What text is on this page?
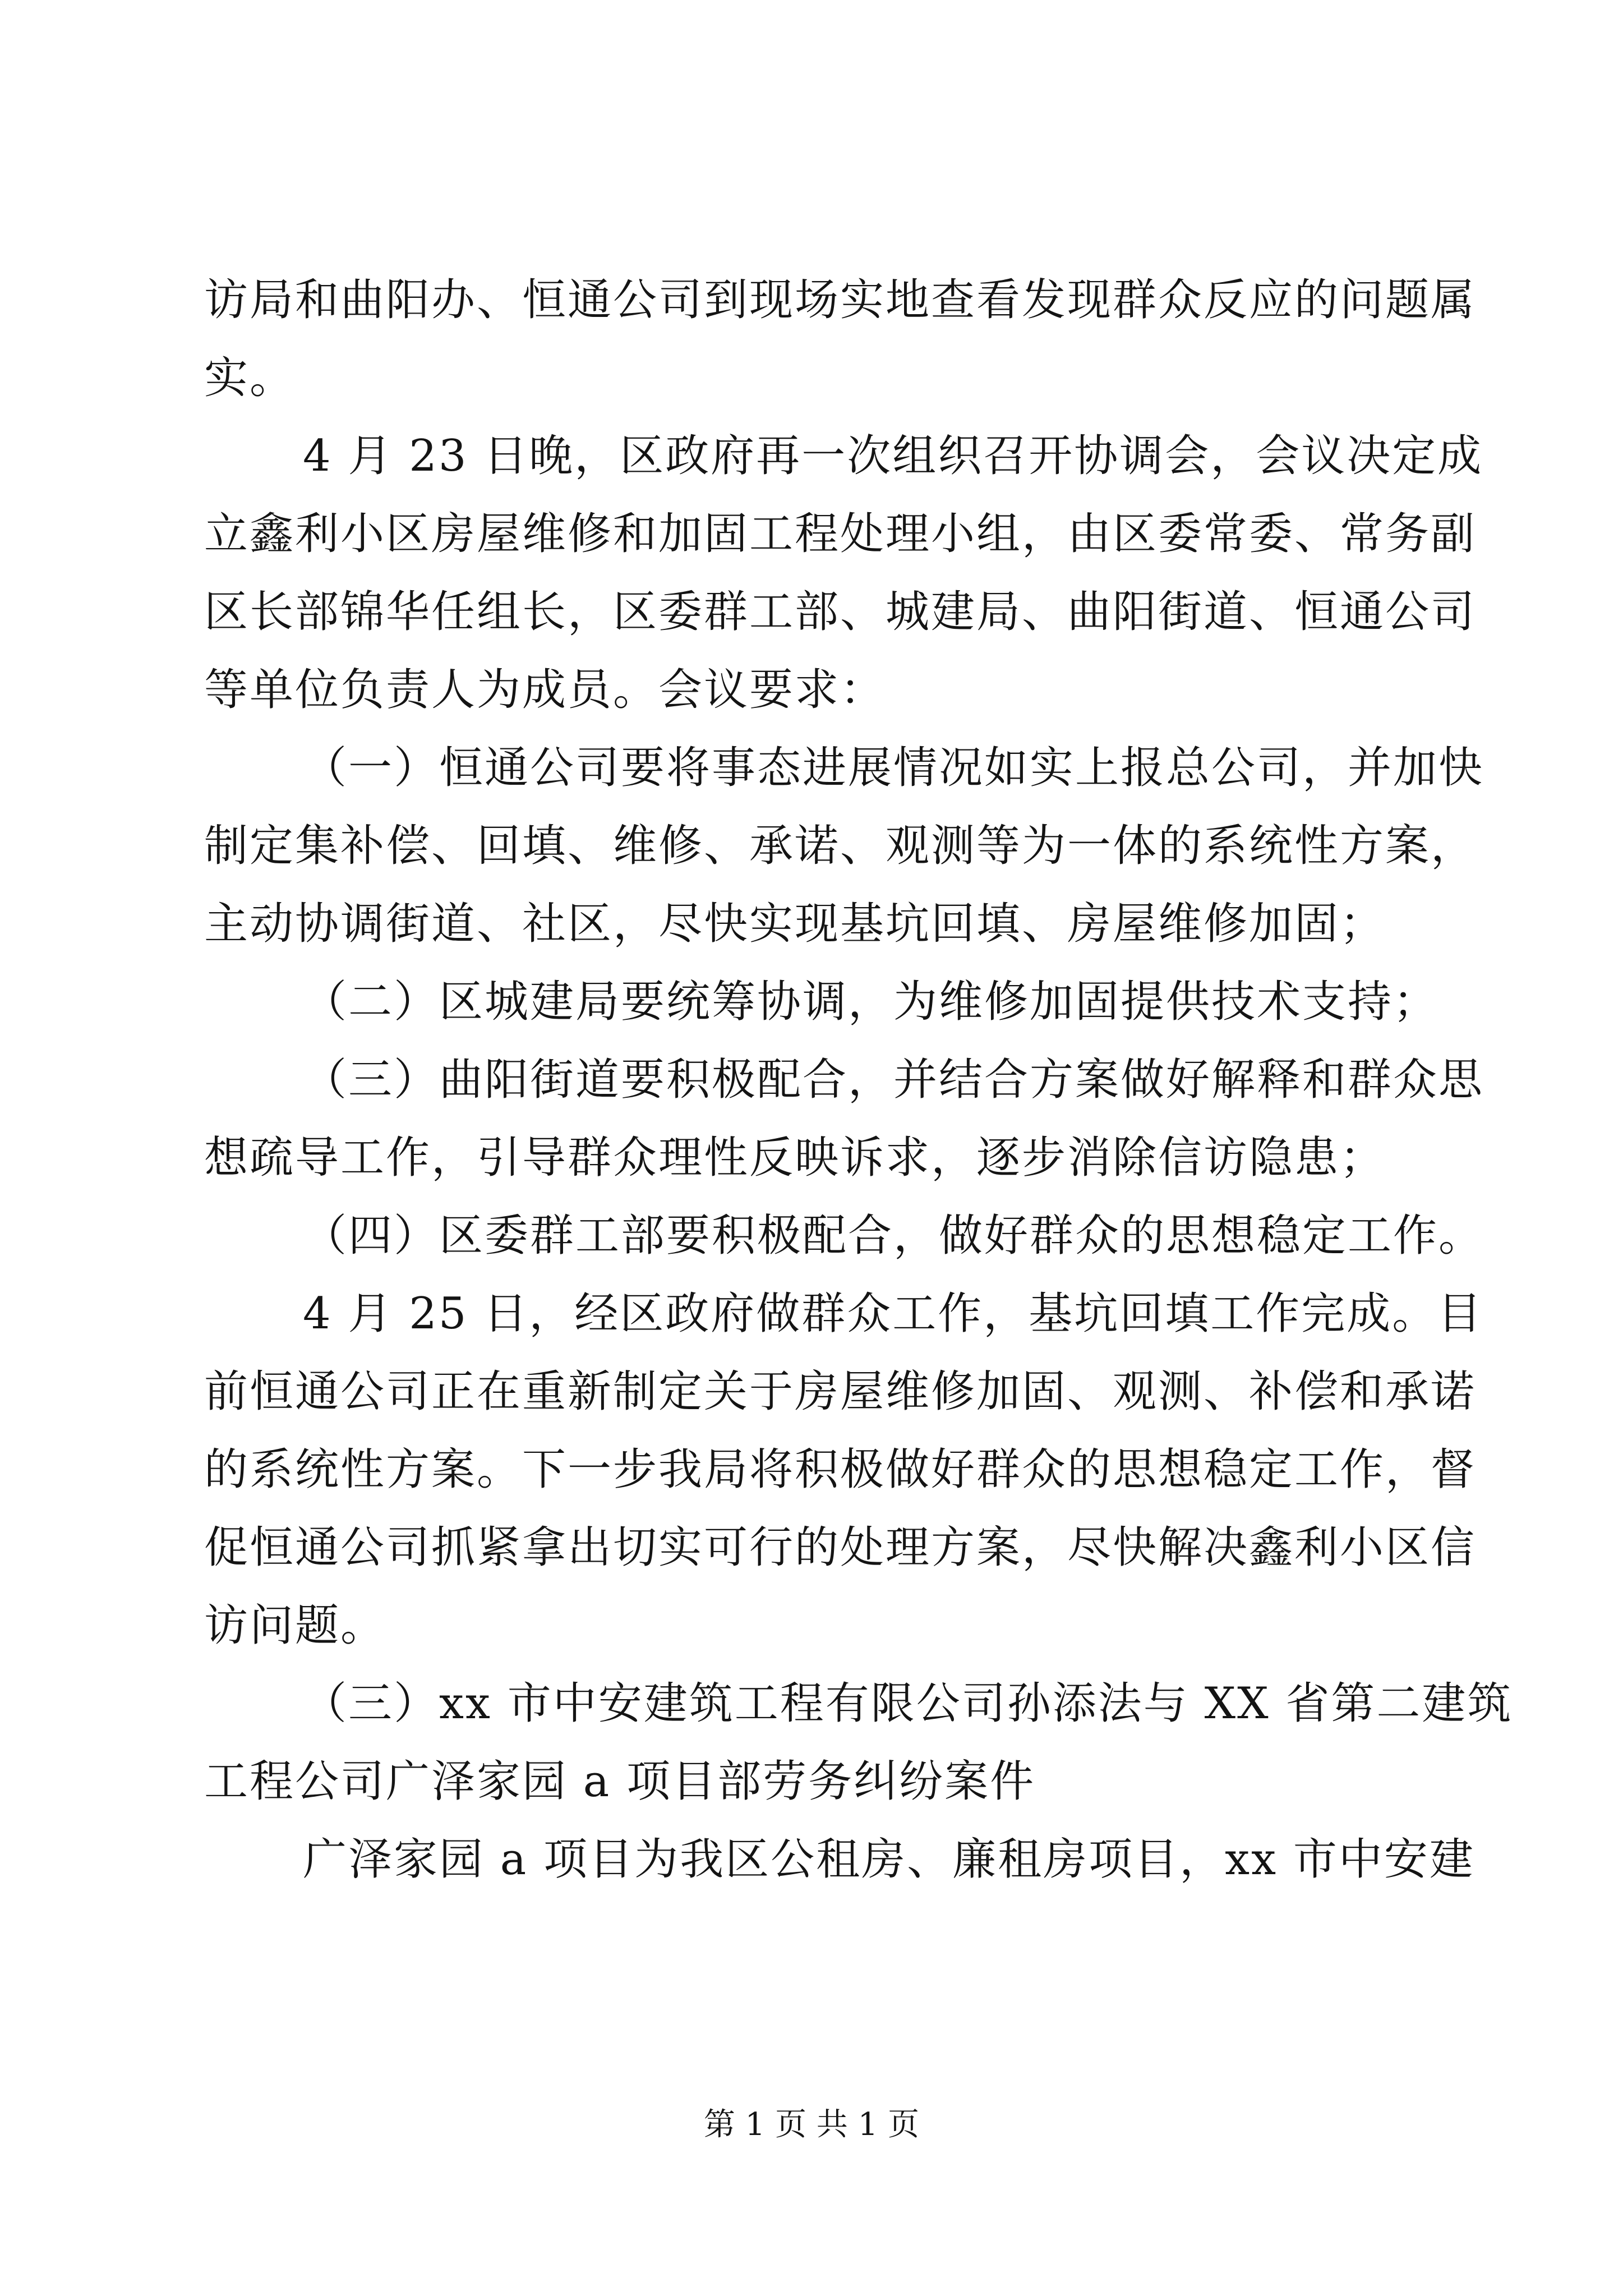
访局和曲阳办、恒通公司到现场实地查看发现群众反应的问题属
实。
4 月 23 日晚，区政府再一次组织召开协调会，会议决定成
立鑫利小区房屋维修和加固工程处理小组，由区委常委、常务副
区长部锦华任组长，区委群工部、城建局、曲阳街道、恒通公司
等单位负责人为成员。会议要求：
（一）恒通公司要将事态进展情况如实上报总公司，并加快
制定集补偿、回填、维修、承诺、观测等为一体的系统性方案，
主动协调街道、社区，尽快实现基坑回填、房屋维修加固；
（二）区城建局要统筹协调，为维修加固提供技术支持；
（三）曲阳街道要积极配合，并结合方案做好解释和群众思
想疏导工作，引导群众理性反映诉求，逐步消除信访隐患；
（四）区委群工部要积极配合，做好群众的思想稳定工作。
4 月 25 日，经区政府做群众工作，基坑回填工作完成。目
前恒通公司正在重新制定关于房屋维修加固、观测、补偿和承诺
的系统性方案。下一步我局将积极做好群众的思想稳定工作，督
促恒通公司抓紧拿出切实可行的处理方案，尽快解决鑫利小区信
访问题。
（三）xx 市中安建筑工程有限公司孙添法与 XX 省第二建筑
工程公司广泽家园 a 项目部劳务纠纷案件
广泽家园 a 项目为我区公租房、廉租房项目，xx 市中安建
第 1 页 共 1 页
